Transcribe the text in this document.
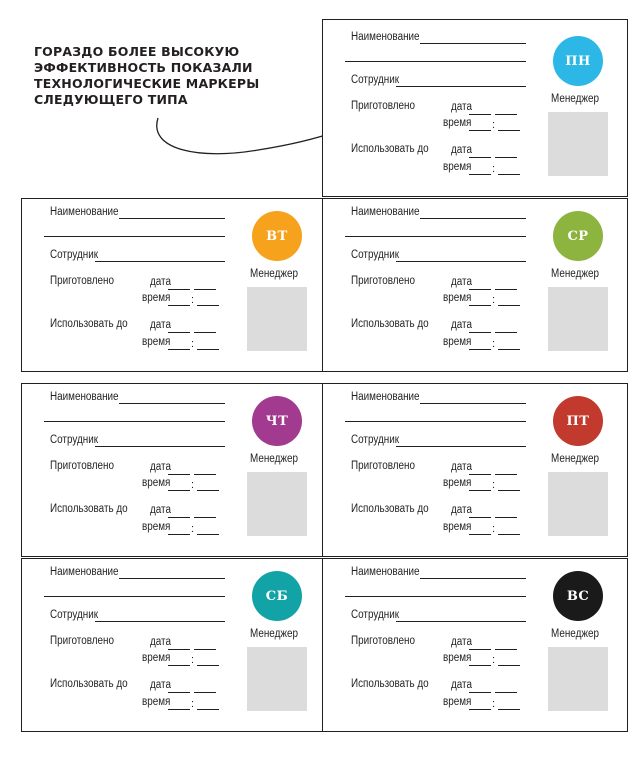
ГОРАЗДО БОЛЕЕ ВЫСОКУЮ
ЭФФЕКТИВНОСТЬ ПОКАЗАЛИ
ТЕХНОЛОГИЧЕСКИЕ МАРКЕРЫ
СЛЕДУЮЩЕГО ТИПА
Наименование
Сотрудник
Приготовлено	дата
время :
Использовать до дата
время :
ПН
Менеджер
Наименование
Сотрудник
Приготовлено	дата
время :
Использовать до дата
время :
ВТ
Менеджер
Наименование
Сотрудник
Приготовлено	дата
время :
Использовать до дата
время :
СР
Менеджер
Наименование
Сотрудник
Приготовлено	дата
время :
Использовать до дата
время :
ЧТ
Менеджер
Наименование
Сотрудник
Приготовлено	дата
время :
Использовать до дата
время :
ПТ
Менеджер
Наименование
Сотрудник
Приготовлено	дата
время :
Использовать до дата
время :
СБ
Менеджер
Наименование
Сотрудник
Приготовлено	дата
время :
Использовать до дата
время :
ВС
Менеджер
